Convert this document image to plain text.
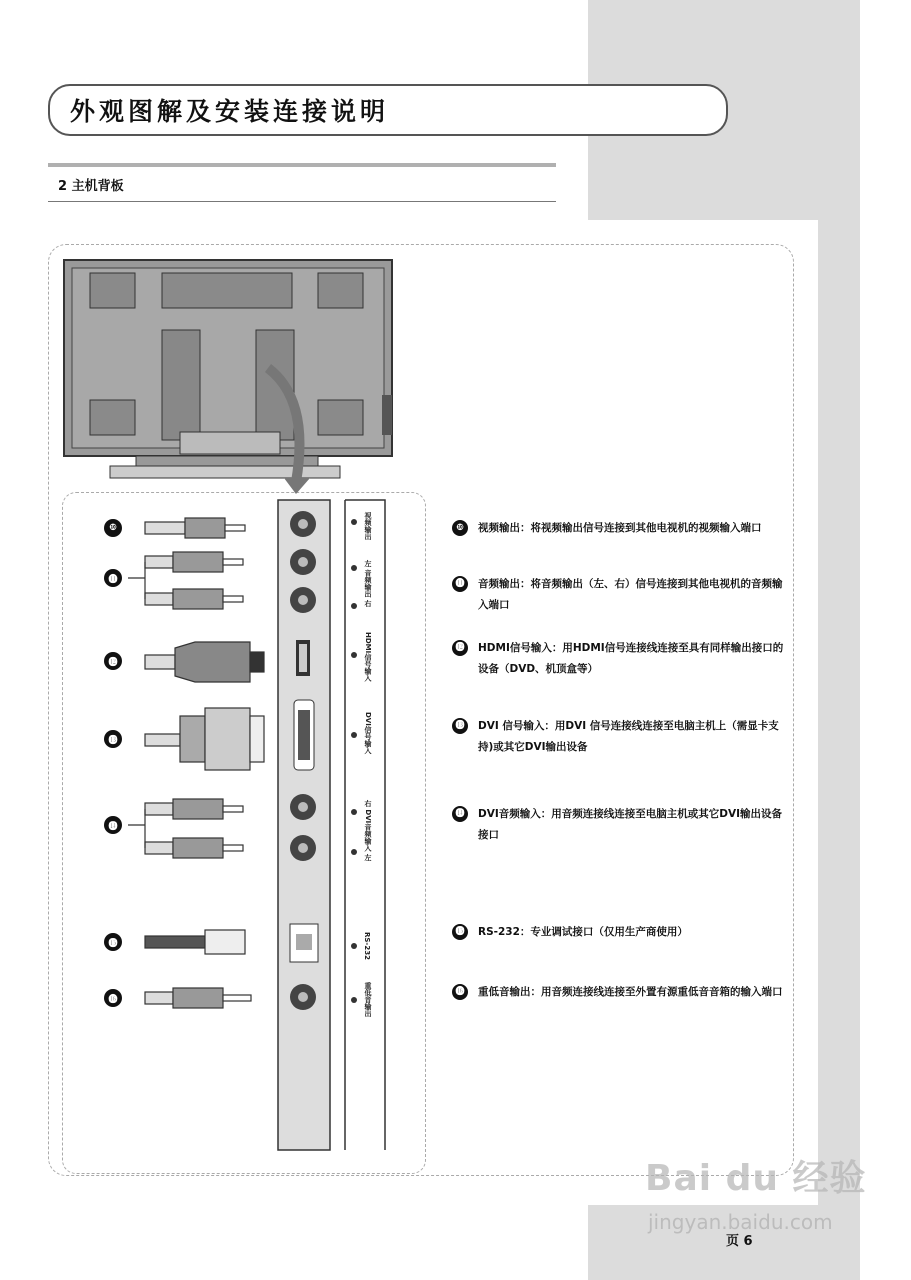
外观图解及安装连接说明
2 主机背板
❿
⓫
⓬
⓭
⓮
⓯
⓰
视频输出
左 音频输出 右
HDMI信号输入
DVI信号输入
右 DVI音频输入 左
RS-232
重低音输出
❿	视频输出：将视频输出信号连接到其他电视机的视频输入端口
⓫	音频输出：将音频输出（左、右）信号连接到其他电视机的音频输入端口
⓬	HDMI信号输入：用HDMI信号连接线连接至具有同样输出接口的设备（DVD、机顶盒等）
⓭	DVI 信号输入：用DVI 信号连接线连接至电脑主机上（需显卡支持)或其它DVI输出设备
⓮	DVI音频输入：用音频连接线连接至电脑主机或其它DVI输出设备接口
⓯	RS-232：专业调试接口（仅用生产商使用）
⓰	重低音输出：用音频连接线连接至外置有源重低音音箱的输入端口
Bai du 经验
jingyan.baidu.com
页 6
